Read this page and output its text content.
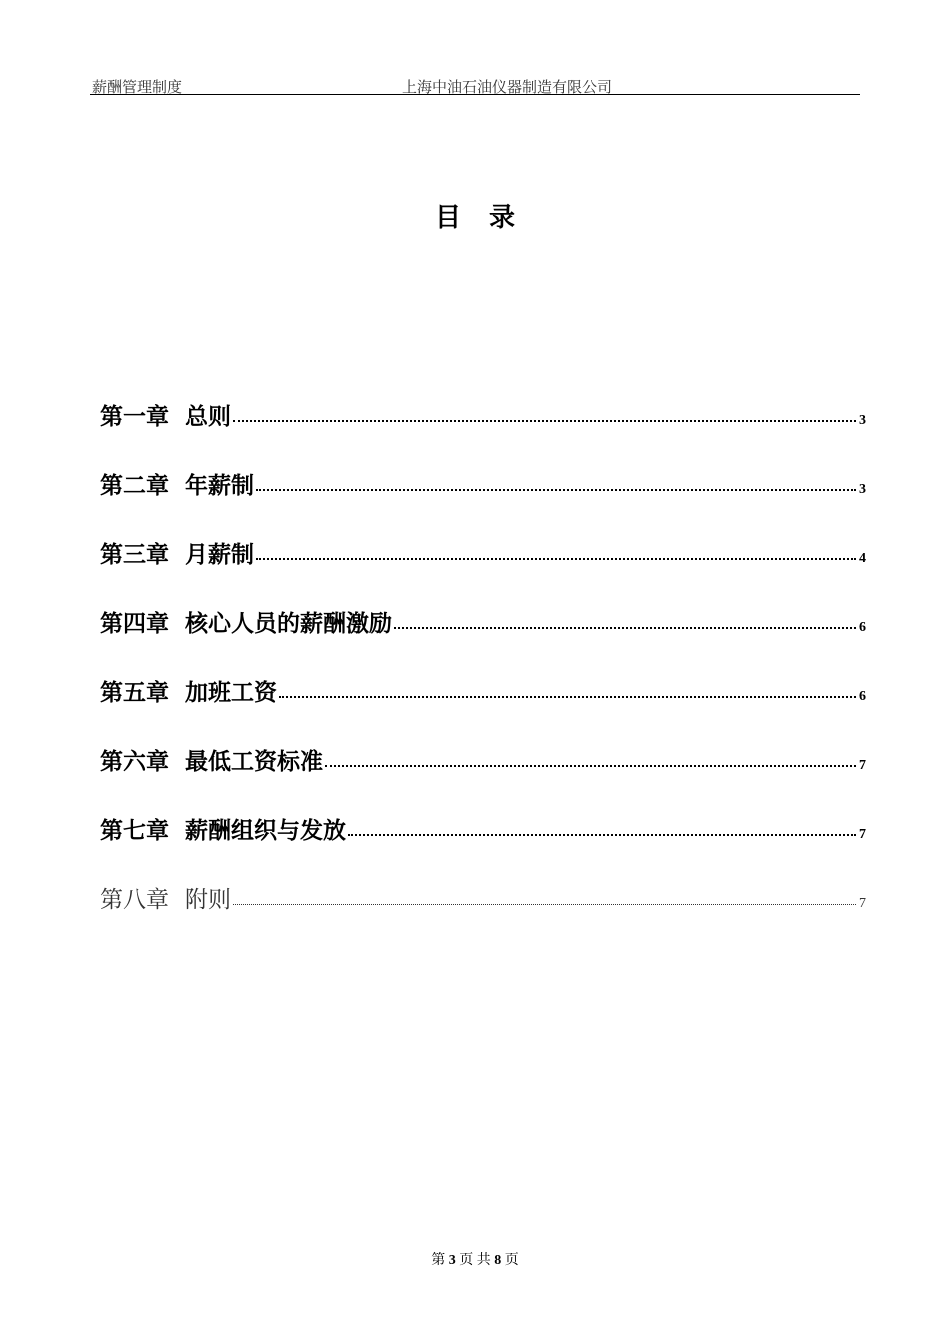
薪酬管理制度	上海中油石油仪器制造有限公司
目录
第一章 总则	3
第二章 年薪制	3
第三章 月薪制	4
第四章 核心人员的薪酬激励	6
第五章 加班工资	6
第六章 最低工资标准	7
第七章 薪酬组织与发放	7
第八章 附则	7
第 3 页 共 8 页
